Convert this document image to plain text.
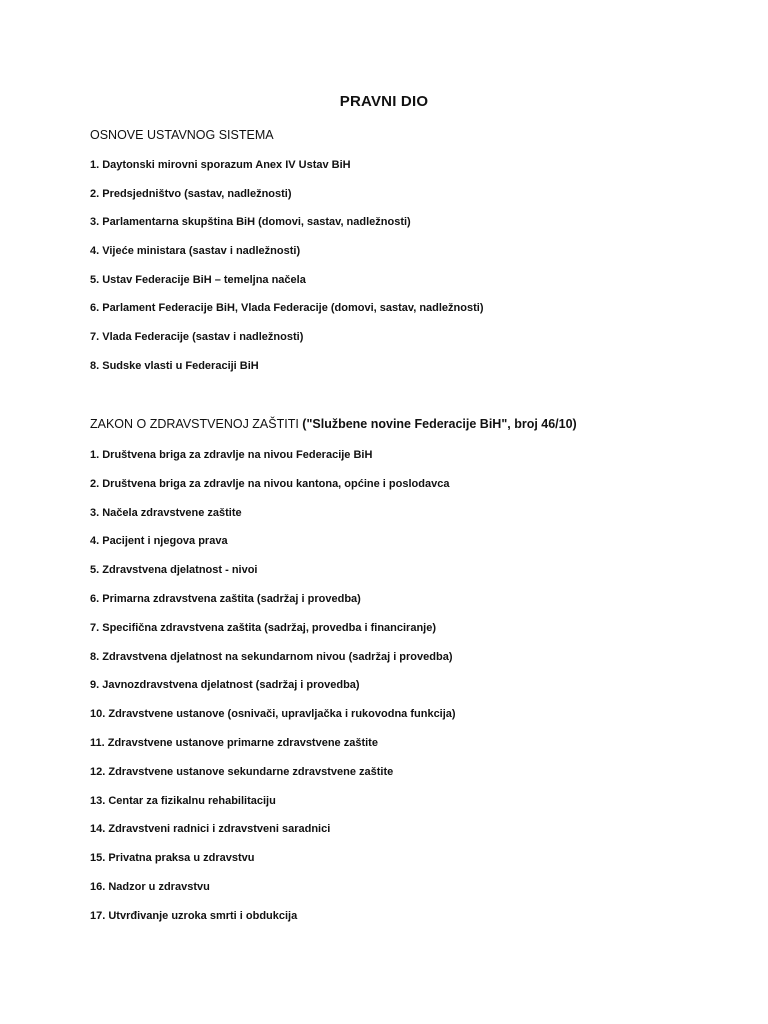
PRAVNI DIO
OSNOVE USTAVNOG SISTEMA
1. Daytonski mirovni sporazum Anex IV Ustav BiH
2. Predsjedništvo (sastav, nadležnosti)
3. Parlamentarna skupština BiH (domovi, sastav, nadležnosti)
4. Vijeće ministara (sastav i nadležnosti)
5. Ustav Federacije BiH – temeljna načela
6. Parlament Federacije BiH, Vlada Federacije (domovi, sastav, nadležnosti)
7. Vlada Federacije (sastav i nadležnosti)
8. Sudske vlasti u Federaciji BiH
ZAKON O ZDRAVSTVENOJ ZAŠTITI ("Službene novine Federacije BiH", broj 46/10)
1. Društvena briga za zdravlje na nivou Federacije BiH
2. Društvena briga za zdravlje na nivou kantona, općine i poslodavca
3. Načela zdravstvene zaštite
4. Pacijent i njegova prava
5. Zdravstvena djelatnost - nivoi
6. Primarna zdravstvena zaštita (sadržaj i provedba)
7. Specifična zdravstvena zaštita (sadržaj, provedba i financiranje)
8. Zdravstvena djelatnost na sekundarnom nivou (sadržaj i provedba)
9. Javnozdravstvena djelatnost (sadržaj i provedba)
10. Zdravstvene ustanove (osnivači, upravljačka i rukovodna funkcija)
11. Zdravstvene ustanove primarne zdravstvene zaštite
12. Zdravstvene ustanove sekundarne zdravstvene zaštite
13. Centar za fizikalnu rehabilitaciju
14. Zdravstveni radnici i zdravstveni saradnici
15. Privatna praksa u zdravstvu
16. Nadzor u zdravstvu
17. Utvrđivanje uzroka smrti i obdukcija
